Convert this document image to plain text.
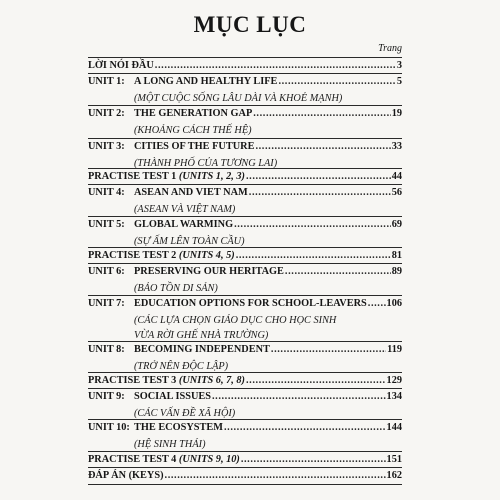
MỤC LỤC
Trang
LỜI NÓI ĐẦU .....	3
UNIT 1: A LONG AND HEALTHY LIFE .....	5
(MỘT CUỘC SỐNG LÂU DÀI VÀ KHOẺ MẠNH)
UNIT 2: THE GENERATION GAP .....	19
(KHOẢNG CÁCH THẾ HỆ)
UNIT 3: CITIES OF THE FUTURE .....	33
(THÀNH PHỐ CỦA TƯƠNG LAI)
PRACTISE TEST 1 (UNITS 1, 2, 3) .....	44
UNIT 4: ASEAN AND VIET NAM .....	56
(ASEAN VÀ VIỆT NAM)
UNIT 5: GLOBAL WARMING .....	69
(SỰ ẤM LÊN TOÀN CẦU)
PRACTISE TEST 2 (UNITS 4, 5) .....	81
UNIT 6: PRESERVING OUR HERITAGE .....	89
(BẢO TỒN DI SẢN)
UNIT 7: EDUCATION OPTIONS FOR SCHOOL-LEAVERS ..... 106
(CÁC LỰA CHỌN GIÁO DỤC CHO HỌC SINH
VỪA RỜI GHẾ NHÀ TRƯỜNG)
UNIT 8: BECOMING INDEPENDENT .....	119
(TRỞ NÊN ĐỘC LẬP)
PRACTISE TEST 3 (UNITS 6, 7, 8) .....	129
UNIT 9: SOCIAL ISSUES .....	134
(CÁC VẤN ĐỀ XÃ HỘI)
UNIT 10: THE ECOSYSTEM .....	144
(HỆ SINH THÁI)
PRACTISE TEST 4 (UNITS 9, 10) .....	151
ĐÁP ÁN (KEYS) .....	162
